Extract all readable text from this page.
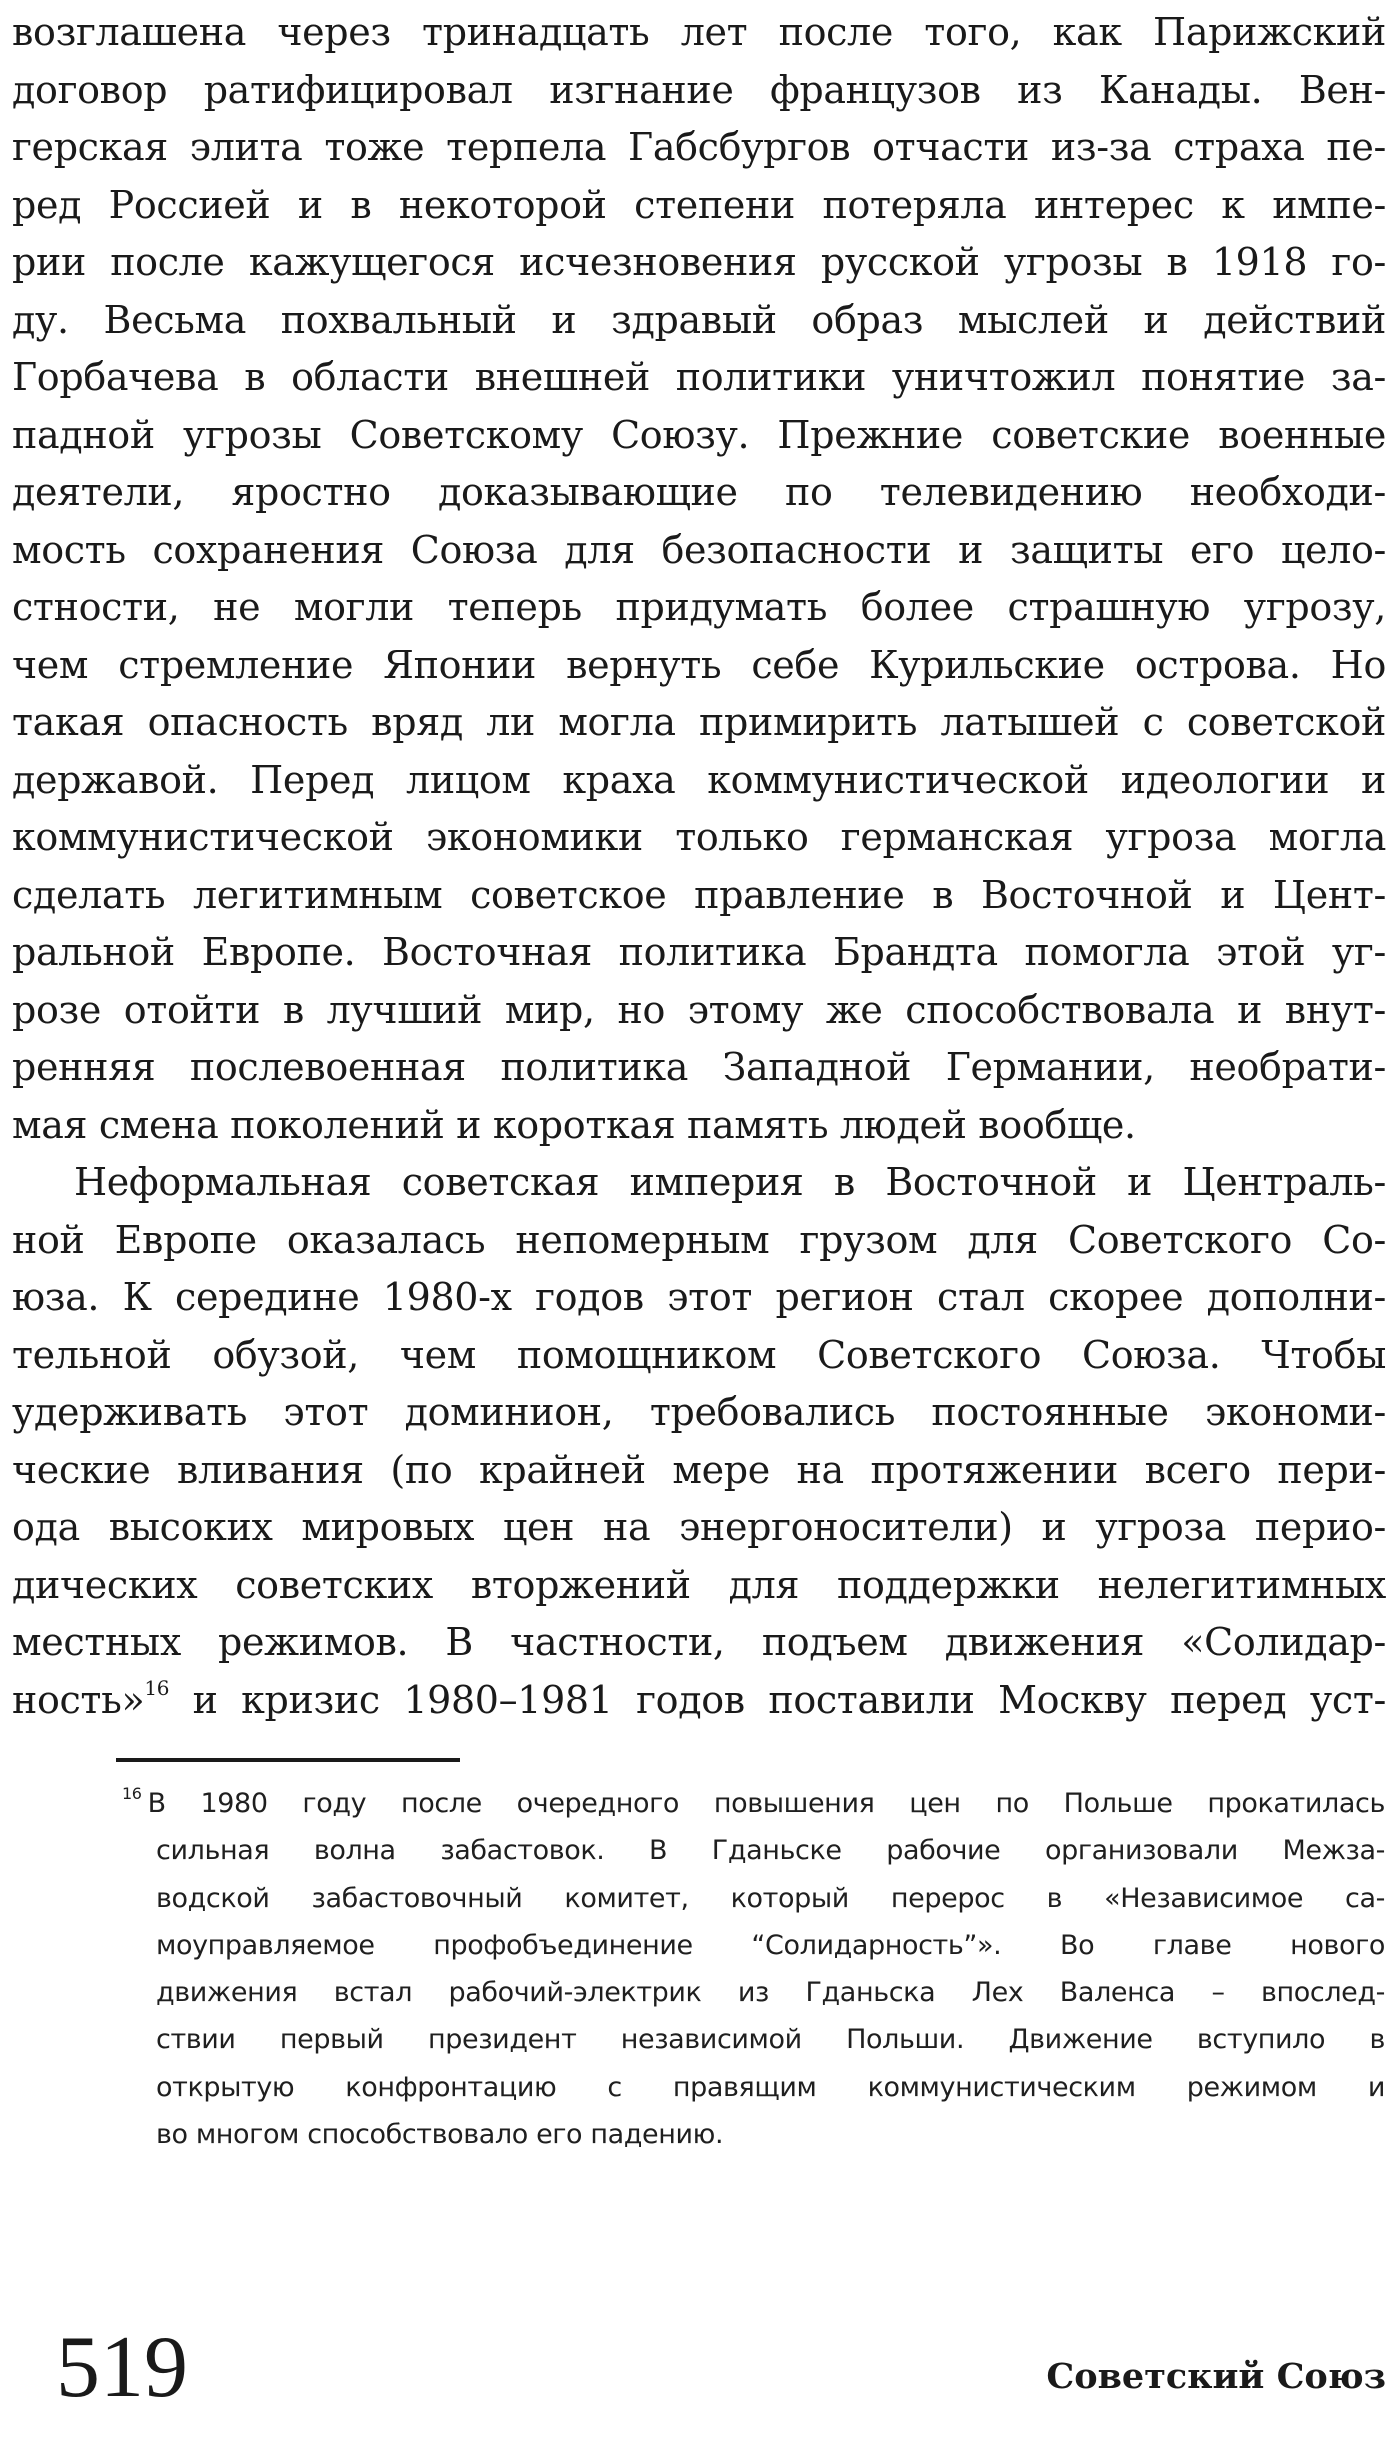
возглашена через тринадцать лет после того, как Парижский
договор ратифицировал изгнание французов из Канады. Вен-
герская элита тоже терпела Габсбургов отчасти из-за страха пе-
ред Россией и в некоторой степени потеряла интерес к импе-
рии после кажущегося исчезновения русской угрозы в 1918 го-
ду. Весьма похвальный и здравый образ мыслей и действий
Горбачева в области внешней политики уничтожил понятие за-
падной угрозы Советскому Союзу. Прежние советские военные
деятели, яростно доказывающие по телевидению необходи-
мость сохранения Союза для безопасности и защиты его цело-
стности, не могли теперь придумать более страшную угрозу,
чем стремление Японии вернуть себе Курильские острова. Но
такая опасность вряд ли могла примирить латышей с советской
державой. Перед лицом краха коммунистической идеологии и
коммунистической экономики только германская угроза могла
сделать легитимным советское правление в Восточной и Цент-
ральной Европе. Восточная политика Брандта помогла этой уг-
розе отойти в лучший мир, но этому же способствовала и внут-
ренняя послевоенная политика Западной Германии, необрати-
мая смена поколений и короткая память людей вообще.
Неформальная советская империя в Восточной и Централь-
ной Европе оказалась непомерным грузом для Советского Со-
юза. К середине 1980-х годов этот регион стал скорее дополни-
тельной обузой, чем помощником Советского Союза. Чтобы
удерживать этот доминион, требовались постоянные экономи-
ческие вливания (по крайней мере на протяжении всего пери-
ода высоких мировых цен на энергоносители) и угроза перио-
дических советских вторжений для поддержки нелегитимных
местных режимов. В частности, подъем движения «Солидар-
ность»$^{16}$ и кризис 1980–1981 годов поставили Москву перед уст-
$^{16}$ В 1980 году после очередного повышения цен по Польше прокатилась
сильная волна забастовок. В Гданьске рабочие организовали Межза-
водской забастовочный комитет, который перерос в «Независимое са-
моуправляемое профобъединение “Солидарность”». Во главе нового
движения встал рабочий-электрик из Гданьска Лех Валенса – впослед-
ствии первый президент независимой Польши. Движение вступило в
открытую конфронтацию с правящим коммунистическим режимом и
во многом способствовало его падению.
519	Советский Союз
